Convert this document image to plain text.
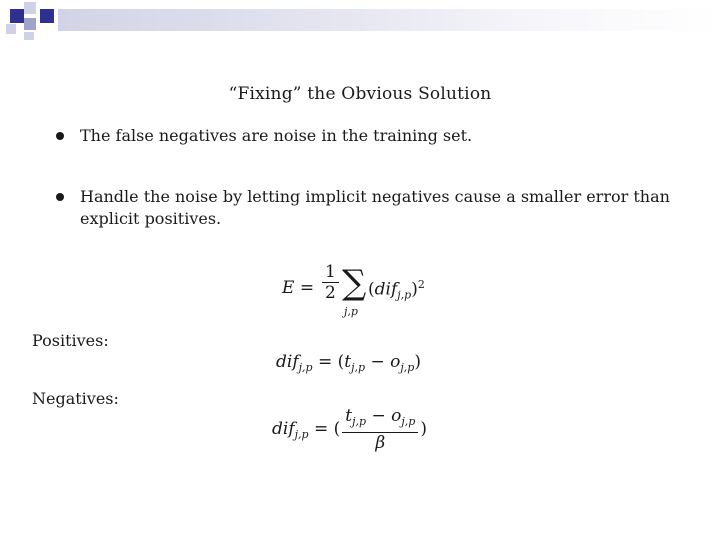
“Fixing” the Obvious Solution
The false negatives are noise in the training set.
Handle the noise by letting implicit negatives cause a smaller error than explicit positives.
$E = \frac{1}{2}$ ∑
j,p
$(dif_{j,p})^2$
Positives:
$dif_{j,p} = (t_{j,p} - o_{j,p})$
Negatives:
dif$_{j,p}$ = ( $\frac{t_{j,p} - o_{j,p}}{\beta}$ )
